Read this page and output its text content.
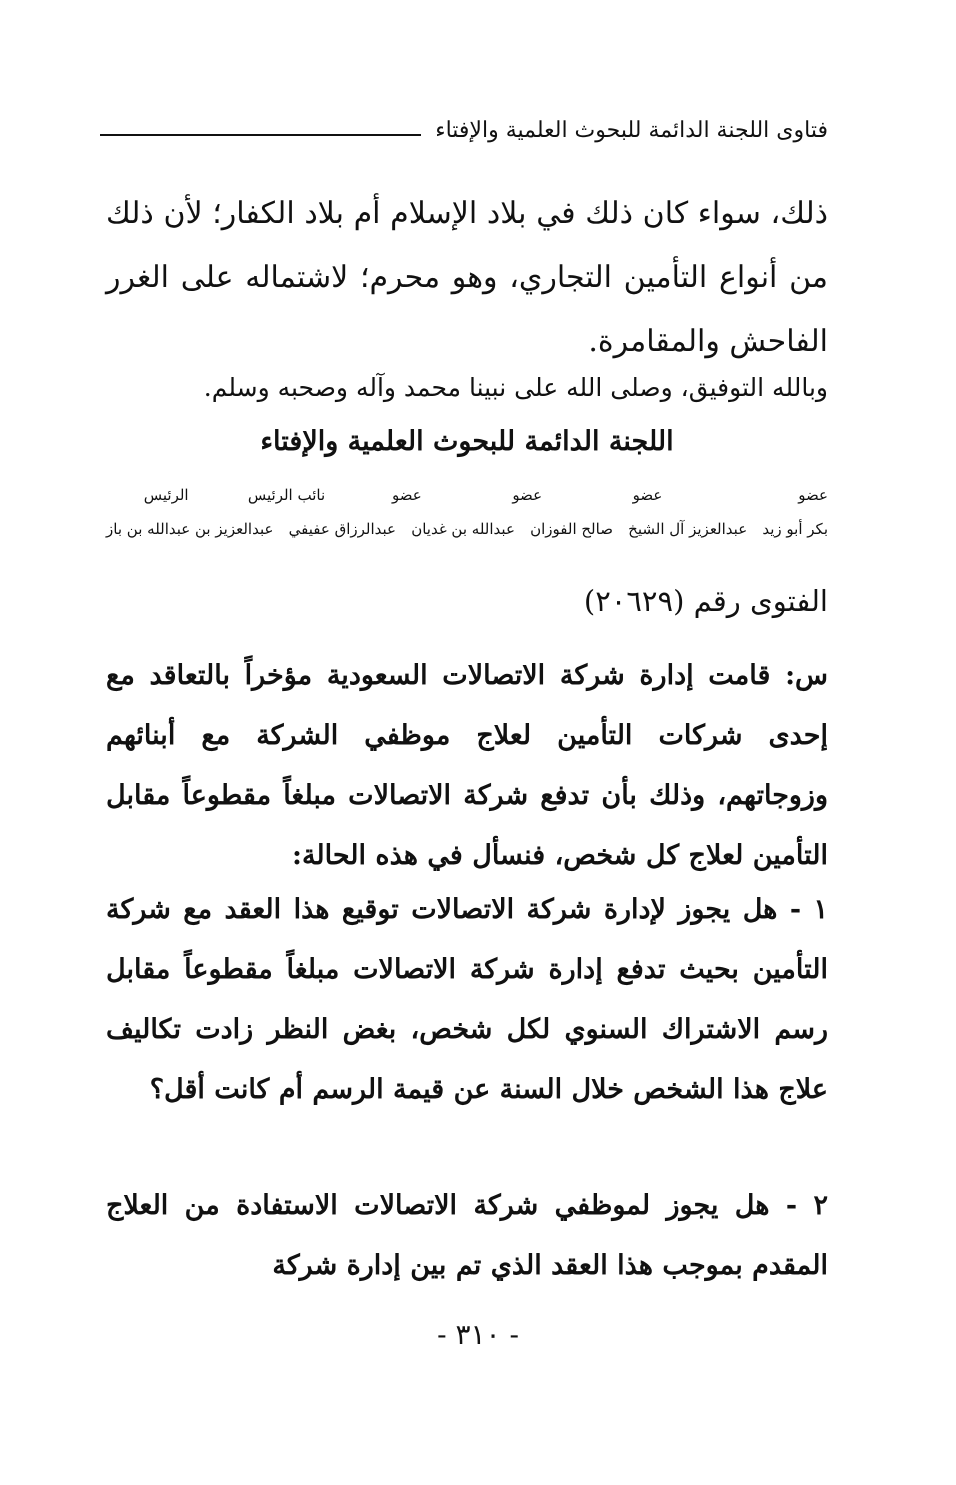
فتاوى اللجنة الدائمة للبحوث العلمية والإفتاء

ذلك، سواء كان ذلك في بلاد الإسلام أم بلاد الكفار؛ لأن ذلك من أنواع التأمين التجاري، وهو محرم؛ لاشتماله على الغرر الفاحش والمقامرة.

وبالله التوفيق، وصلى الله على نبينا محمد وآله وصحبه وسلم.

اللجنة الدائمة للبحوث العلمية والإفتاء
عضو
عضو
عضو
عضو
نائب الرئيس
الرئيس
بكر أبو زيد
عبدالعزيز آل الشيخ
صالح الفوزان
عبدالله بن غديان
عبدالرزاق عفيفي
عبدالعزيز بن عبدالله بن باز
الفتوى رقم (٢٠٦٢٩)

س: قامت إدارة شركة الاتصالات السعودية مؤخراً بالتعاقد مع إحدى شركات التأمين لعلاج موظفي الشركة مع أبنائهم وزوجاتهم، وذلك بأن تدفع شركة الاتصالات مبلغاً مقطوعاً مقابل التأمين لعلاج كل شخص، فنسأل في هذه الحالة:

١ - هل يجوز لإدارة شركة الاتصالات توقيع هذا العقد مع شركة التأمين بحيث تدفع إدارة شركة الاتصالات مبلغاً مقطوعاً مقابل رسم الاشتراك السنوي لكل شخص، بغض النظر زادت تكاليف علاج هذا الشخص خلال السنة عن قيمة الرسم أم كانت أقل؟

٢ - هل يجوز لموظفي شركة الاتصالات الاستفادة من العلاج المقدم بموجب هذا العقد الذي تم بين إدارة شركة

- ٣١٠ -
